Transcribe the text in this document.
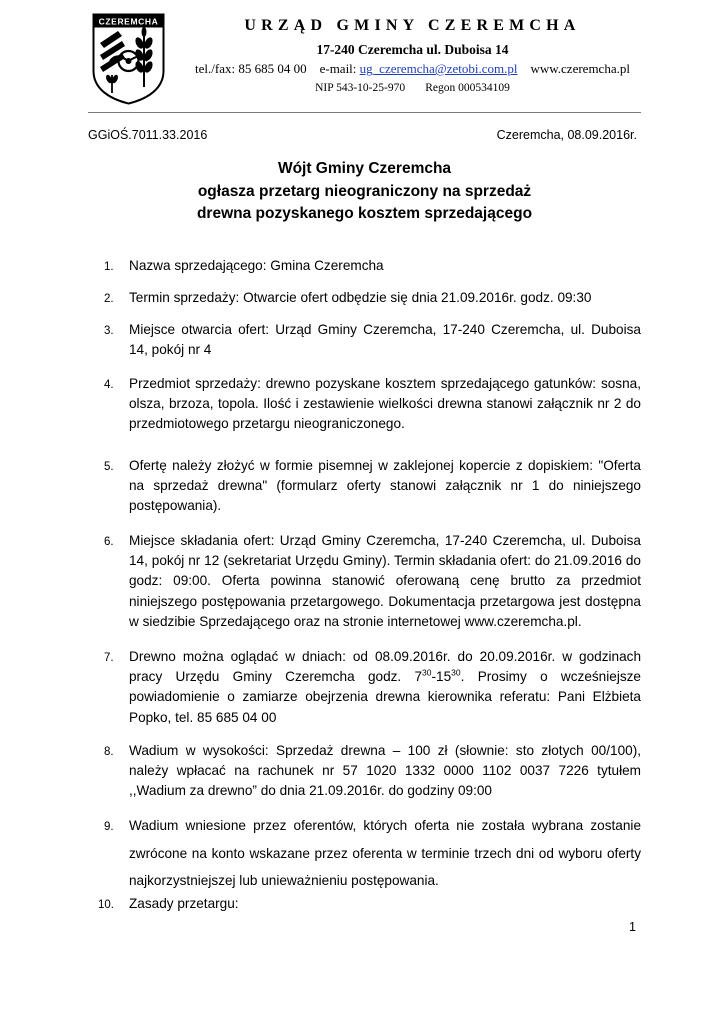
CZEREMCHA	URZĄD GMINY CZEREMCHA
17-240 Czeremcha ul. Duboisa 14
tel./fax: 85 685 04 00 e-mail: ug_czeremcha@zetobi.com.pl www.czeremcha.pl
NIP 543-10-25-970 Regon 000534109
GGiOŚ.7011.33.2016	Czeremcha, 08.09.2016r.
Wójt Gminy Czeremcha
ogłasza przetarg nieograniczony na sprzedaż
drewna pozyskanego kosztem sprzedającego
1. Nazwa sprzedającego: Gmina Czeremcha
2. Termin sprzedaży: Otwarcie ofert odbędzie się dnia 21.09.2016r. godz. 09:30
3. Miejsce otwarcia ofert: Urząd Gminy Czeremcha, 17-240 Czeremcha, ul. Duboisa 14, pokój nr 4
4. Przedmiot sprzedaży: drewno pozyskane kosztem sprzedającego gatunków: sosna, olsza, brzoza, topola. Ilość i zestawienie wielkości drewna stanowi załącznik nr 2 do przedmiotowego przetargu nieograniczonego.
5. Ofertę należy złożyć w formie pisemnej w zaklejonej kopercie z dopiskiem: "Oferta na sprzedaż drewna" (formularz oferty stanowi załącznik nr 1 do niniejszego postępowania).
6. Miejsce składania ofert: Urząd Gminy Czeremcha, 17-240 Czeremcha, ul. Duboisa 14, pokój nr 12 (sekretariat Urzędu Gminy). Termin składania ofert: do 21.09.2016 do godz: 09:00. Oferta powinna stanowić oferowaną cenę brutto za przedmiot niniejszego postępowania przetargowego. Dokumentacja przetargowa jest dostępna w siedzibie Sprzedającego oraz na stronie internetowej www.czeremcha.pl.
7. Drewno można oglądać w dniach: od 08.09.2016r. do 20.09.2016r. w godzinach pracy Urzędu Gminy Czeremcha godz. $7^{30}-15^{30}$. Prosimy o wcześniejsze powiadomienie o zamiarze obejrzenia drewna kierownika referatu: Pani Elżbieta Popko, tel. 85 685 04 00
8. Wadium w wysokości: Sprzedaż drewna – 100 zł (słownie: sto złotych 00/100), należy wpłacać na rachunek nr 57 1020 1332 0000 1102 0037 7226 tytułem ,,Wadium za drewno” do dnia 21.09.2016r. do godziny 09:00
9. Wadium wniesione przez oferentów, których oferta nie została wybrana zostanie zwrócone na konto wskazane przez oferenta w terminie trzech dni od wyboru oferty najkorzystniejszej lub unieważnieniu postępowania.
10. Zasady przetargu:
1
